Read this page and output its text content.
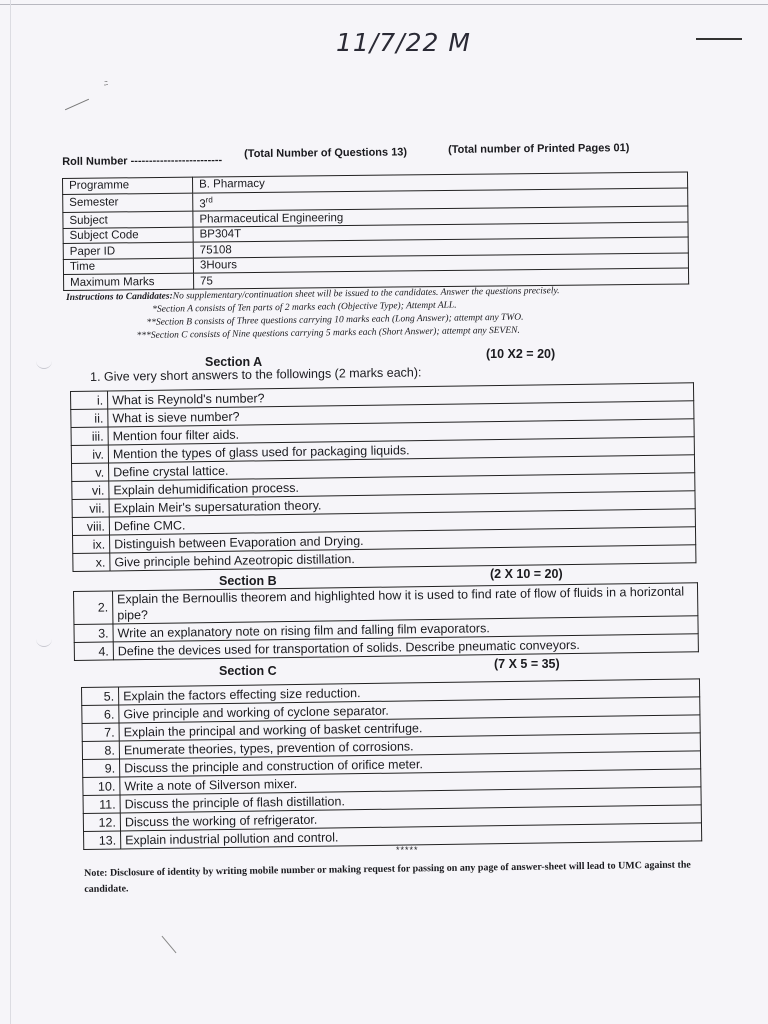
11/7/22 M
ﾆ
Roll Number -------------------------
(Total Number of Questions 13)	(Total number of Printed Pages 01)
Programme	B. Pharmacy
Semester	3rd
Subject	Pharmaceutical Engineering
Subject Code	BP304T
Paper ID	75108
Time	3Hours
Maximum Marks	75
Instructions to Candidates:No supplementary/continuation sheet will be issued to the candidates. Answer the questions precisely.
*Section A consists of Ten parts of 2 marks each (Objective Type); Attempt ALL.
**Section B consists of Three questions carrying 10 marks each (Long Answer); attempt any TWO.
***Section C consists of Nine questions carrying 5 marks each (Short Answer); attempt any SEVEN.
Section A
(10 X2 = 20)
1. Give very short answers to the followings (2 marks each):
i.	What is Reynold's number?
ii.	What is sieve number?
iii.	Mention four filter aids.
iv.	Mention the types of glass used for packaging liquids.
v.	Define crystal lattice.
vi.	Explain dehumidification process.
vii.	Explain Meir's supersaturation theory.
viii.	Define CMC.
ix.	Distinguish between Evaporation and Drying.
x.	Give principle behind Azeotropic distillation.
Section B	(2 X 10 = 20)
2.	Explain the Bernoullis theorem and highlighted how it is used to find rate of flow of fluids in a horizontal pipe?
3.	Write an explanatory note on rising film and falling film evaporators.
4.	Define the devices used for transportation of solids. Describe pneumatic conveyors.
Section C	(7 X 5 = 35)
5.	Explain the factors effecting size reduction.
6.	Give principle and working of cyclone separator.
7.	Explain the principal and working of basket centrifuge.
8.	Enumerate theories, types, prevention of corrosions.
9.	Discuss the principle and construction of orifice meter.
10.	Write a note of Silverson mixer.
11.	Discuss the principle of flash distillation.
12.	Discuss the working of refrigerator.
13.	Explain industrial pollution and control.
*****
Note: Disclosure of identity by writing mobile number or making request for passing on any page of answer-sheet will lead to UMC against the candidate.
